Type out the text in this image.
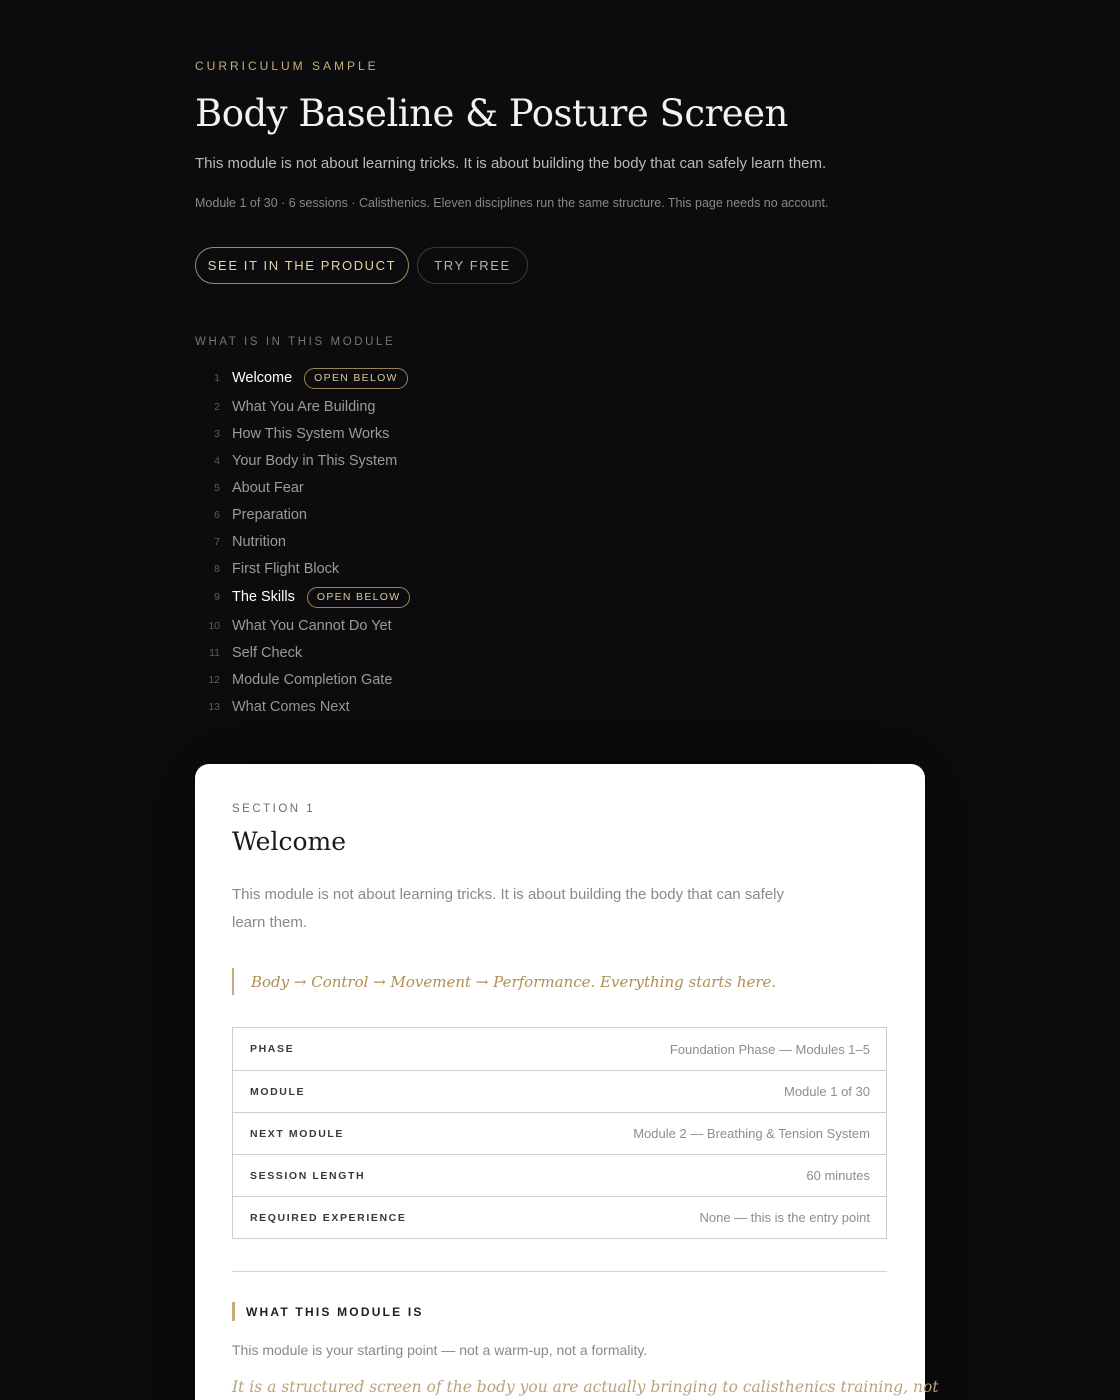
CURRICULUM SAMPLE
Body Baseline & Posture Screen

This module is not about learning tricks. It is about building the body that can safely learn them.

Module 1 of 30 · 6 sessions · Calisthenics. Eleven disciplines run the same structure. This page needs no account.

SEE IT IN THE PRODUCT	TRY FREE
WHAT IS IN THIS MODULE
1 Welcome	OPEN BELOW
2 What You Are Building
3 How This System Works
4 Your Body in This System
5 About Fear
6 Preparation
7 Nutrition
8 First Flight Block
9 The Skills	OPEN BELOW
10 What You Cannot Do Yet
11 Self Check
12 Module Completion Gate
13 What Comes Next
SECTION 1
Welcome

This module is not about learning tricks. It is about building the body that can safely learn them.

Body → Control → Movement → Performance. Everything starts here.
PHASE	Foundation Phase — Modules 1–5
MODULE	Module 1 of 30
NEXT MODULE	Module 2 — Breathing & Tension System
SESSION LENGTH	60 minutes
REQUIRED EXPERIENCE	None — this is the entry point
WHAT THIS MODULE IS

This module is your starting point — not a warm-up, not a formality.

It is a structured screen of the body you are actually bringing to calisthenics training, not
